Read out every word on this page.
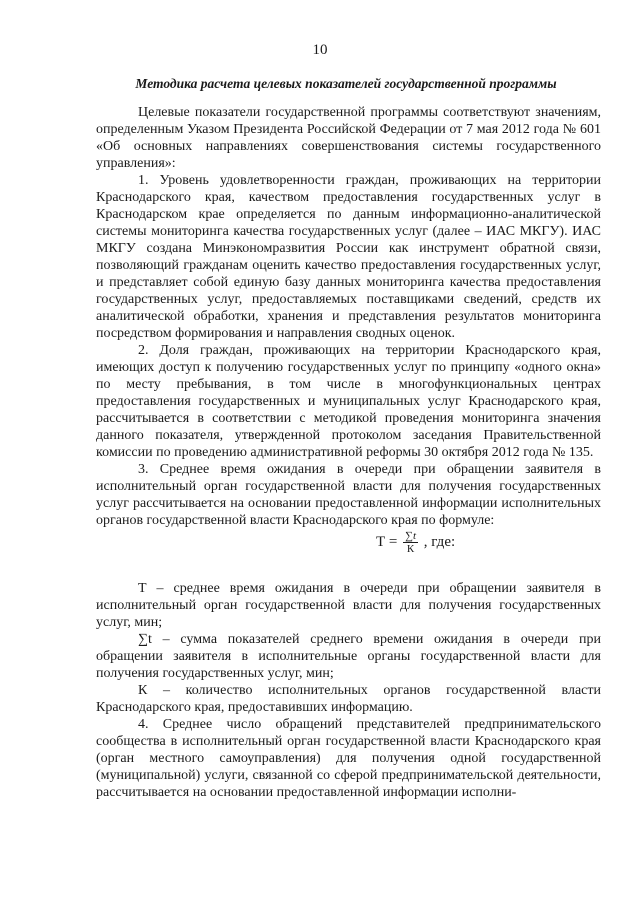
10
Методика расчета целевых показателей государственной программы

Целевые показатели государственной программы соответствуют значениям, определенным Указом Президента Российской Федерации от 7 мая 2012 года № 601 «Об основных направлениях совершенствования системы государственного управления»:

1. Уровень удовлетворенности граждан, проживающих на территории Краснодарского края, качеством предоставления государственных услуг в Краснодарском крае определяется по данным информационно-аналитической системы мониторинга качества государственных услуг (далее – ИАС МКГУ). ИАС МКГУ создана Минэкономразвития России как инструмент обратной связи, позволяющий гражданам оценить качество предоставления государственных услуг, и представляет собой единую базу данных мониторинга качества предоставления государственных услуг, предоставляемых поставщиками сведений, средств их аналитической обработки, хранения и представления результатов мониторинга посредством формирования и направления сводных оценок.

2. Доля граждан, проживающих на территории Краснодарского края, имеющих доступ к получению государственных услуг по принципу «одного окна» по месту пребывания, в том числе в многофункциональных центрах предоставления государственных и муниципальных услуг Краснодарского края, рассчитывается в соответствии с методикой проведения мониторинга значения данного показателя, утвержденной протоколом заседания Правительственной комиссии по проведению административной реформы 30 октября 2012 года № 135.

3. Среднее время ожидания в очереди при обращении заявителя в исполнительный орган государственной власти для получения государственных услуг рассчитывается на основании предоставленной информации исполнительных органов государственной власти Краснодарского края по формуле:

$Т = \frac{\sum t}{К}$ , где:

Т – среднее время ожидания в очереди при обращении заявителя в исполнительный орган государственной власти для получения государственных услуг, мин;

∑t – сумма показателей среднего времени ожидания в очереди при обращении заявителя в исполнительные органы государственной власти для получения государственных услуг, мин;

К – количество исполнительных органов государственной власти Краснодарского края, предоставивших информацию.

4. Среднее число обращений представителей предпринимательского сообщества в исполнительный орган государственной власти Краснодарского края (орган местного самоуправления) для получения одной государственной (муниципальной) услуги, связанной со сферой предпринимательской деятельности, рассчитывается на основании предоставленной информации исполни-
